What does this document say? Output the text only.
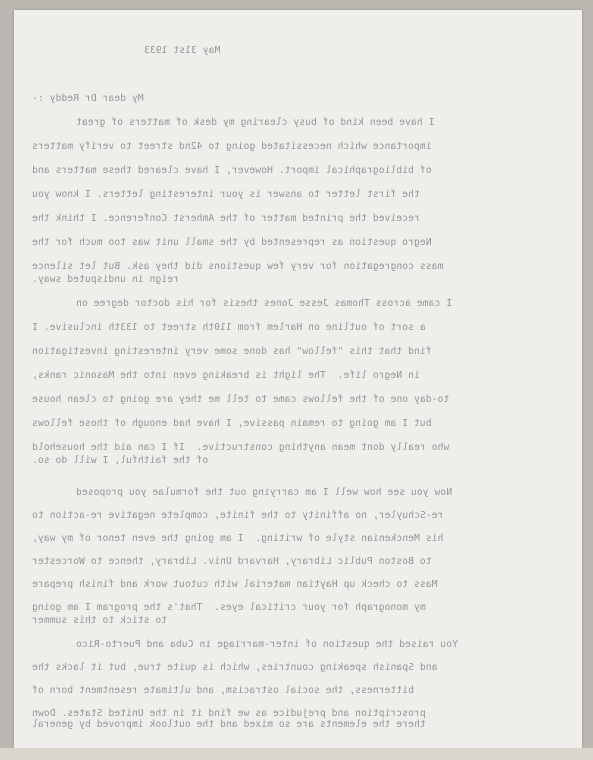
May 31st 1933
My dear Dr Reddy :-
I have been kind of busy clearing my desk of matters of great
importance which necessitated going to 42nd street to verify matters
of bibliographical import. However, I have cleared these matters and
the first letter to answer is your interesting letters. I know you
received the printed matter of the Amherst Conference. I think the
Negro question as represented by the small unit was too much for the
mass congregation for very few questions did they ask. But let silence
reign in undisputed sway.
I came across Thomas Jesse Jones thesis for his doctor degree on
a sort of outline on Harlem from 110th street to 133th inclusive. I
find that this "fellow" has done some very interesting investigation
in Negro life.  The light is breaking even into the Masonic ranks,
to-day one of the fellows came to tell me they are going to clean house
but I am going to remain passive, I have had enough of those fellows
who really dont mean anything constructive.  If I can aid the household
of the faithful, I will do so.
Now you see how well I am carrying out the formulae you proposed
re-Schuyler, no affinity to the finite, complete negative re-action to
his Menckenian style of writing.  I am going the even tenor of my way,
to Boston Public Library, Harvard Univ. Library, thence to Worcester
Mass to check up Haytian material with cutout work and finish prepare
my monograph for your critical eyes.  That's the program I am going
to stick to this summer
You raised the question of inter-marriage in Cuba and Puerto-Rico
and Spanish speaking countries, which is quite true, but it lacks the
bitterness, the social ostracism, and ultimate resentment born of
proscription and prejudice as we find it in the United States. Down
there the elements are so mixed and the outlook improved by general
